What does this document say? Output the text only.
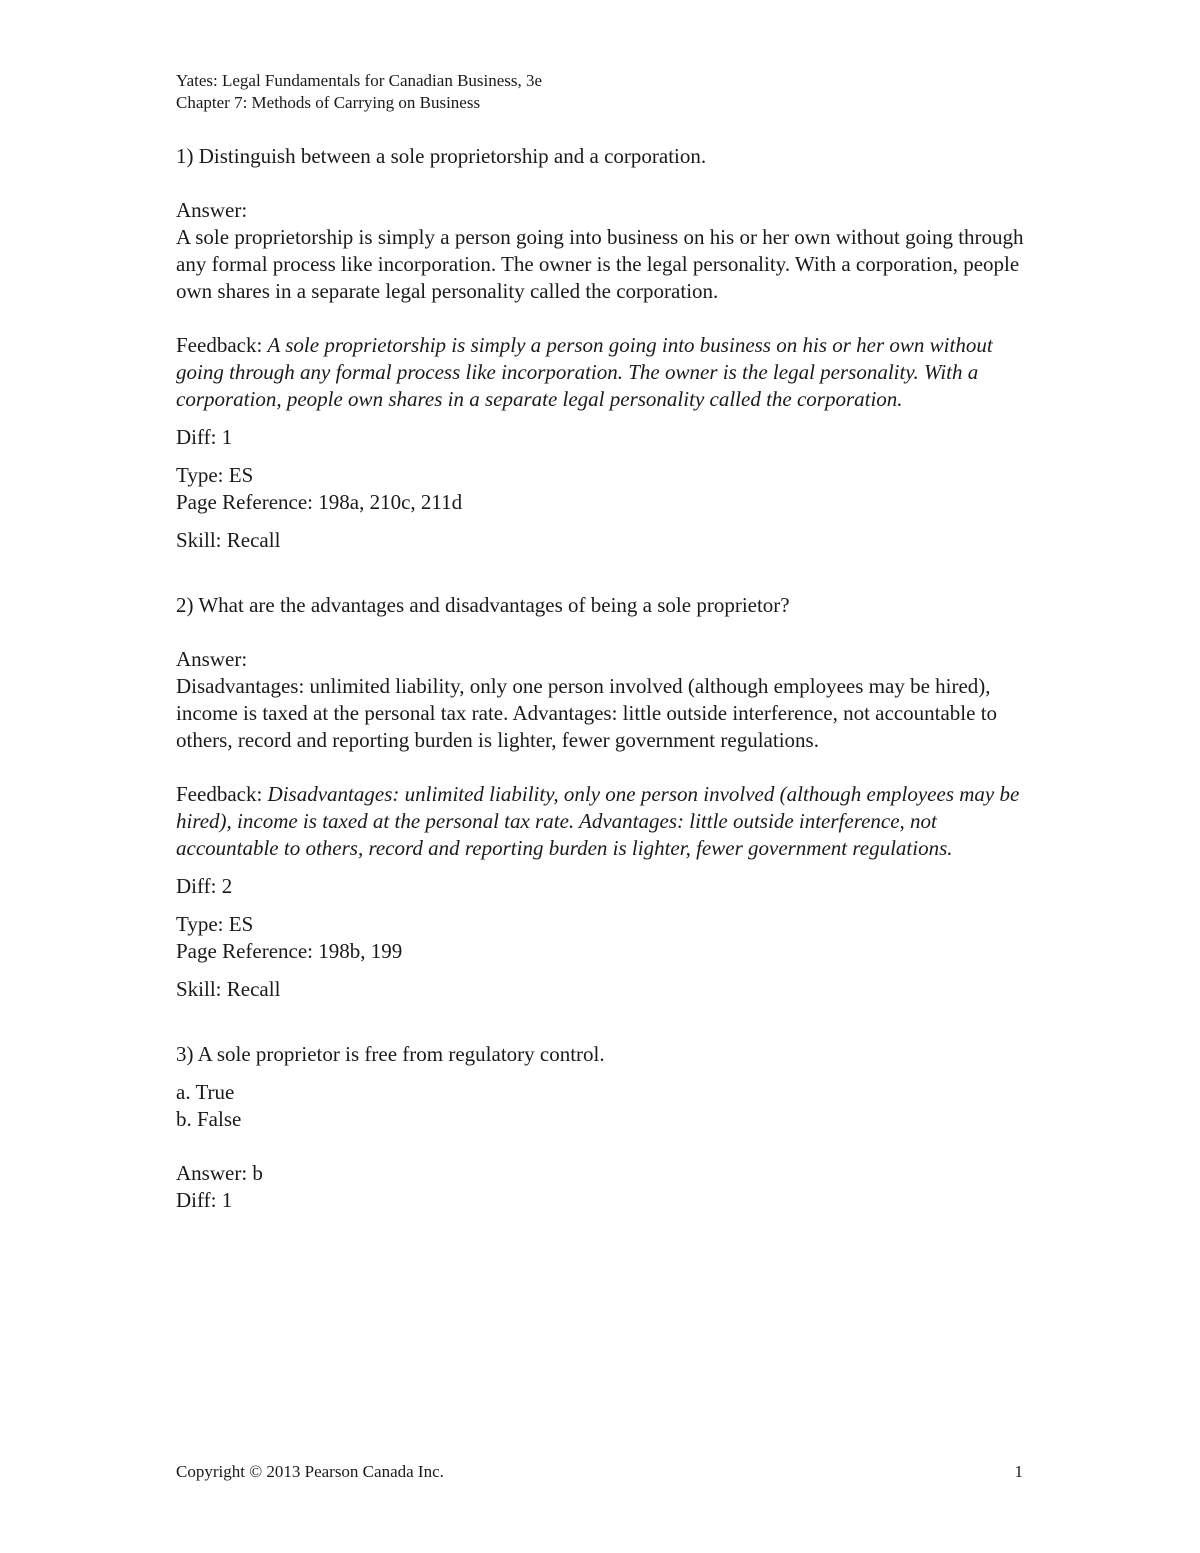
Yates: Legal Fundamentals for Canadian Business, 3e

Chapter 7: Methods of Carrying on Business

1) Distinguish between a sole proprietorship and a corporation.

Answer:

A sole proprietorship is simply a person going into business on his or her own without going through any formal process like incorporation. The owner is the legal personality. With a corporation, people own shares in a separate legal personality called the corporation.

Feedback: A sole proprietorship is simply a person going into business on his or her own without going through any formal process like incorporation. The owner is the legal personality. With a corporation, people own shares in a separate legal personality called the corporation.

Diff: 1

Type: ES

Page Reference: 198a, 210c, 211d

Skill: Recall

2) What are the advantages and disadvantages of being a sole proprietor?

Answer:

Disadvantages: unlimited liability, only one person involved (although employees may be hired), income is taxed at the personal tax rate. Advantages: little outside interference, not accountable to others, record and reporting burden is lighter, fewer government regulations.

Feedback: Disadvantages: unlimited liability, only one person involved (although employees may be hired), income is taxed at the personal tax rate. Advantages: little outside interference, not accountable to others, record and reporting burden is lighter, fewer government regulations.

Diff: 2

Type: ES

Page Reference: 198b, 199

Skill: Recall

3) A sole proprietor is free from regulatory control.

a. True

b. False

Answer: b

Diff: 1

Copyright © 2013 Pearson Canada Inc.	1
